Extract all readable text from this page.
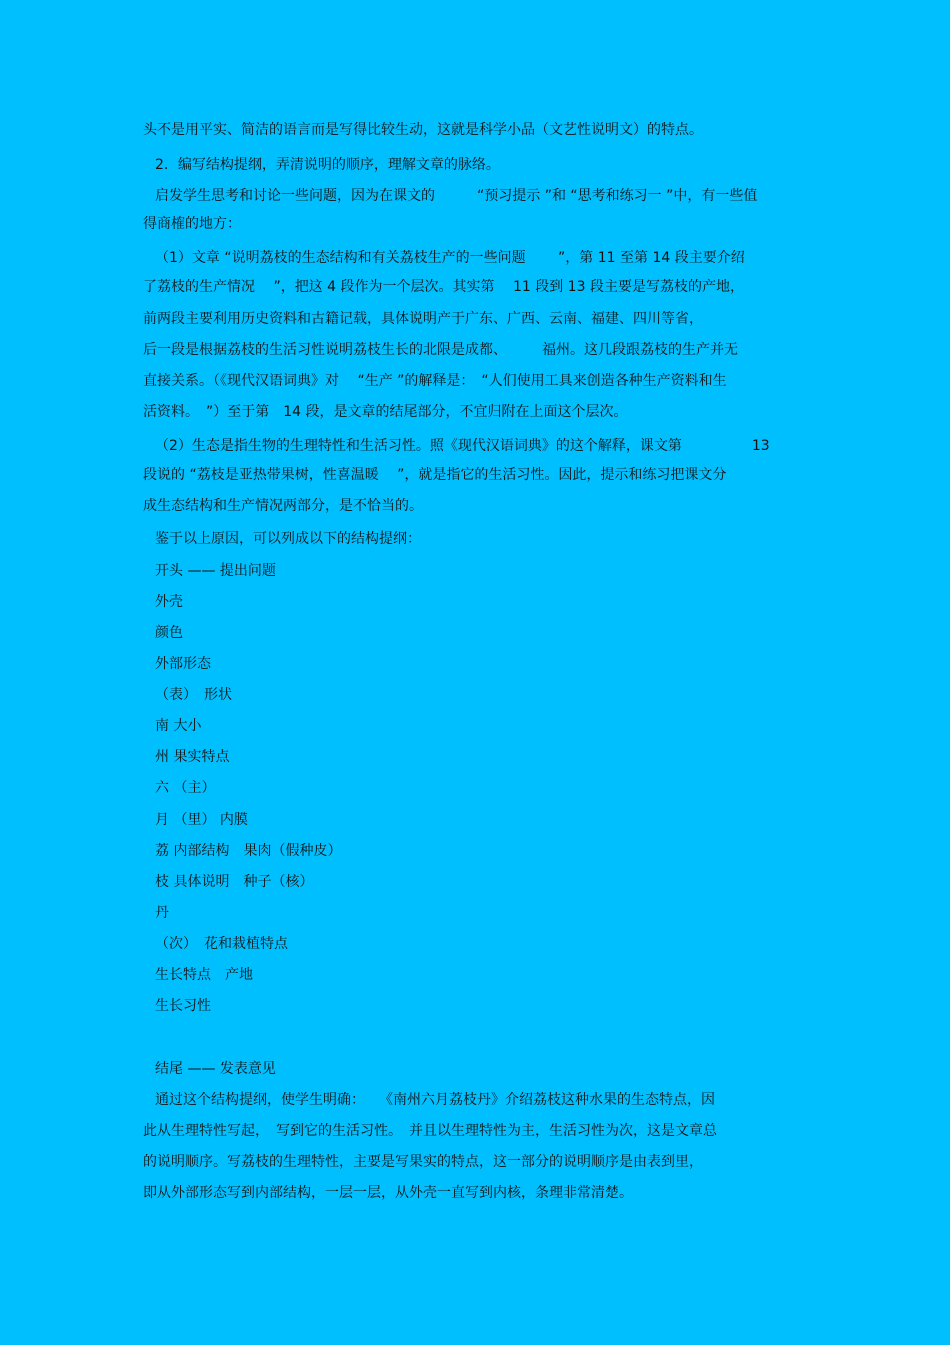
头不是用平实、简洁的语言而是写得比较生动，这就是科学小品（文艺性说明文）的特点。
2．编写结构提纲，弄清说明的顺序，理解文章的脉络。
启发学生思考和讨论一些问题，因为在课文的　　　“预习提示 ”和 “思考和练习一 ”中，有一些值
得商榷的地方：
（1）文章 “说明荔枝的生态结构和有关荔枝生产的一些问题　　 ”，第 11 至第 14 段主要介绍
了荔枝的生产情况　 ”，把这 4 段作为一个层次。其实第　 11 段到 13 段主要是写荔枝的产地，
前两段主要利用历史资料和古籍记载，具体说明产于广东、广西、云南、福建、四川等省，
后一段是根据荔枝的生活习性说明荔枝生长的北限是成都、　　　福州。这几段跟荔枝的生产并无
直接关系。（《现代汉语词典》对　 “生产 ”的解释是：　“人们使用工具来创造各种生产资料和生
活资料。　”）至于第　14 段，是文章的结尾部分，不宜归附在上面这个层次。
（2）生态是指生物的生理特性和生活习性。照《现代汉语词典》的这个解释，课文第　　　　　13
段说的 “荔枝是亚热带果树，性喜温暖　 ”，就是指它的生活习性。因此，提示和练习把课文分
成生态结构和生产情况两部分，是不恰当的。
鉴于以上原因，可以列成以下的结构提纲：
开头 —— 提出问题
外壳
颜色
外部形态
（表）　形状
南 大小
州 果实特点
六 （主）
月 （里） 内膜
荔 内部结构　果肉（假种皮）
枝 具体说明　种子（核）
丹
（次）　花和栽植特点
生长特点　产地
生长习性
结尾 —— 发表意见
通过这个结构提纲，使学生明确：　　《南州六月荔枝丹》介绍荔枝这种水果的生态特点，因
此从生理特性写起，　写到它的生活习性。　并且以生理特性为主，生活习性为次，这是文章总
的说明顺序。写荔枝的生理特性，主要是写果实的特点，这一部分的说明顺序是由表到里，
即从外部形态写到内部结构，一层一层，从外壳一直写到内核，条理非常清楚。
